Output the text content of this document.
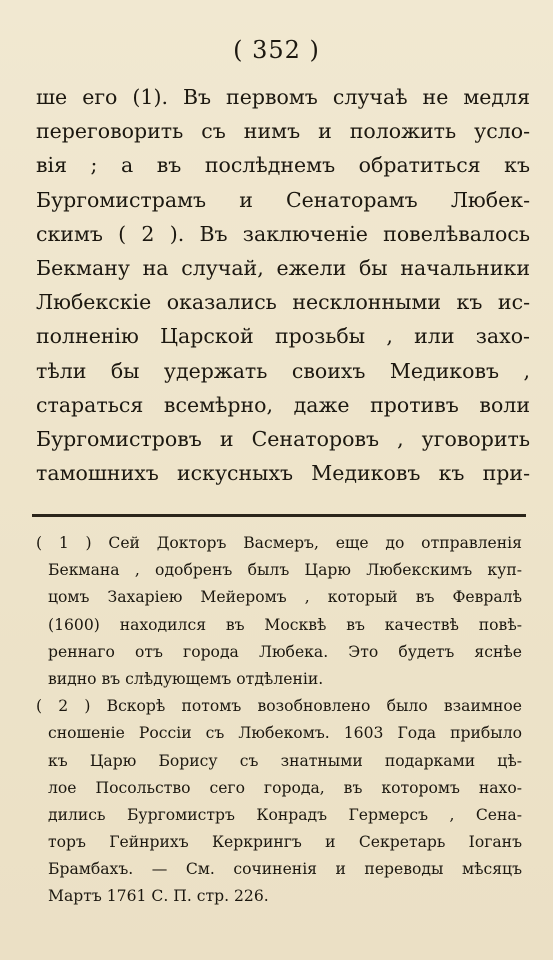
( 352 )
ше его (1). Въ первомъ случаѣ не медля
переговорить съ нимъ и положить усло-
вія ; а въ послѣднемъ обратиться къ
Бургомистрамъ и Сенаторамъ Любек-
скимъ ( 2 ). Въ заключеніе повелѣвалось
Бекману на случай, ежели бы начальники
Любекскіе оказались несклонными къ ис-
полненію Царской прозьбы , или захо-
тѣли бы удержать своихъ Медиковъ ,
стараться всемѣрно, даже противъ воли
Бургомистровъ и Сенаторовъ , уговорить
тамошнихъ искусныхъ Медиковъ къ при-
( 1 ) Сей Докторъ Васмеръ, еще до отправленія
Бекмана , одобренъ былъ Царю Любекскимъ куп-
цомъ Захаріею Мейеромъ , который въ Февралѣ
(1600) находился въ Москвѣ въ качествѣ повѣ-
реннаго отъ города Любека. Это будетъ яснѣе
видно въ слѣдующемъ отдѣленіи.
( 2 ) Вскорѣ потомъ возобновлено было взаимное
сношеніе Россіи съ Любекомъ. 1603 Года прибыло
къ Царю Борису съ знатными подарками цѣ-
лое Посольство сего города, въ которомъ нахо-
дились Бургомистръ Конрадъ Гермерсъ , Сена-
торъ Гейнрихъ Керкрингъ и Секретарь Іоганъ
Брамбахъ. — См. сочиненія и переводы мѣсяцъ
Мартъ 1761 С. П. стр. 226.
